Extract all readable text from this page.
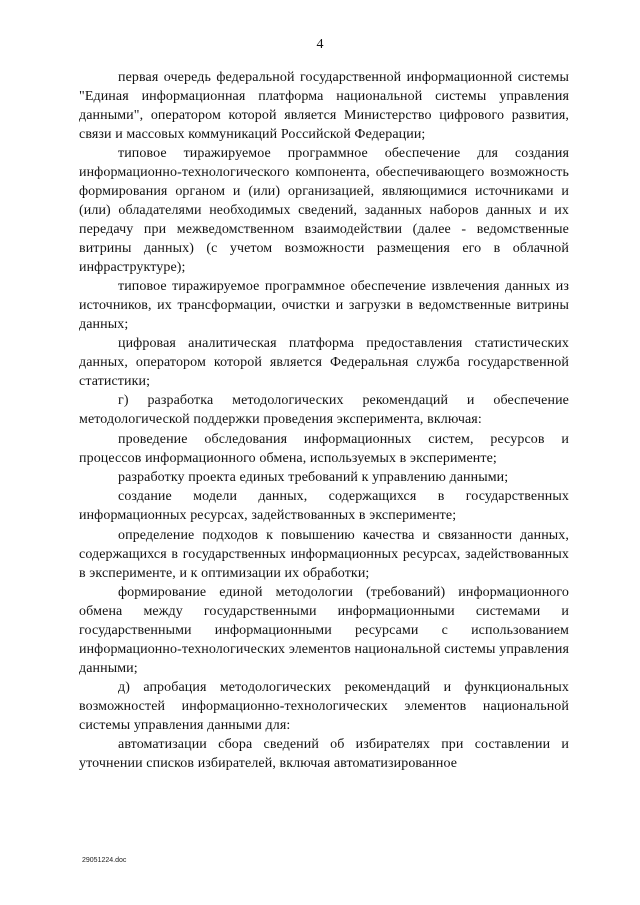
4

первая очередь федеральной государственной информационной системы "Единая информационная платформа национальной системы управления данными", оператором которой является Министерство цифрового развития, связи и массовых коммуникаций Российской Федерации;

типовое тиражируемое программное обеспечение для создания информационно-технологического компонента, обеспечивающего возможность формирования органом и (или) организацией, являющимися источниками и (или) обладателями необходимых сведений, заданных наборов данных и их передачу при межведомственном взаимодействии (далее - ведомственные витрины данных) (с учетом возможности размещения его в облачной инфраструктуре);

типовое тиражируемое программное обеспечение извлечения данных из источников, их трансформации, очистки и загрузки в ведомственные витрины данных;

цифровая аналитическая платформа предоставления статистических данных, оператором которой является Федеральная служба государственной статистики;

г) разработка методологических рекомендаций и обеспечение методологической поддержки проведения эксперимента, включая:

проведение обследования информационных систем, ресурсов и процессов информационного обмена, используемых в эксперименте;

разработку проекта единых требований к управлению данными;

создание модели данных, содержащихся в государственных информационных ресурсах, задействованных в эксперименте;

определение подходов к повышению качества и связанности данных, содержащихся в государственных информационных ресурсах, задействованных в эксперименте, и к оптимизации их обработки;

формирование единой методологии (требований) информационного обмена между государственными информационными системами и государственными информационными ресурсами с использованием информационно-технологических элементов национальной системы управления данными;

д) апробация методологических рекомендаций и функциональных возможностей информационно-технологических элементов национальной системы управления данными для:

автоматизации сбора сведений об избирателях при составлении и уточнении списков избирателей, включая автоматизированное

29051224.doc
